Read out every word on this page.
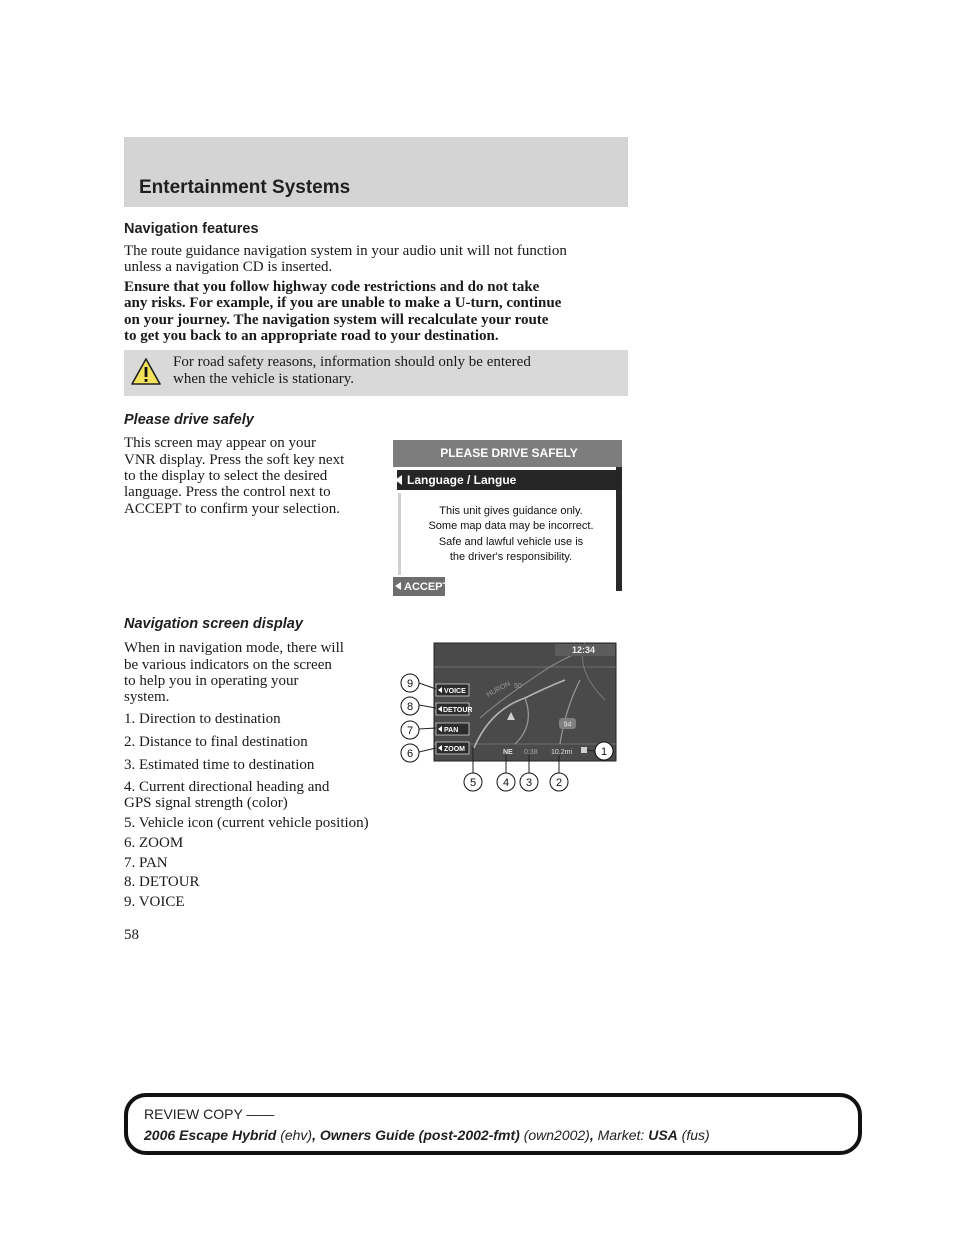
Entertainment Systems
Navigation features
The route guidance navigation system in your audio unit will not function
unless a navigation CD is inserted.
Ensure that you follow highway code restrictions and do not take
any risks. For example, if you are unable to make a U-turn, continue
on your journey. The navigation system will recalculate your route
to get you back to an appropriate road to your destination.
For road safety reasons, information should only be entered
when the vehicle is stationary.
Please drive safely
This screen may appear on your
VNR display. Press the soft key next
to the display to select the desired
language. Press the control next to
ACCEPT to confirm your selection.
PLEASE DRIVE SAFELY
Language / Langue
This unit gives guidance only.
Some map data may be incorrect.
Safe and lawful vehicle use is
the driver's responsibility.
ACCEPT
Navigation screen display
When in navigation mode, there will
be various indicators on the screen
to help you in operating your
system.
1. Direction to destination
2. Distance to final destination
3. Estimated time to destination
4. Current directional heading and
GPS signal strength (color)
5. Vehicle icon (current vehicle position)
6. ZOOM
7. PAN
8. DETOUR
9. VOICE
HURON 50
94
12:34
VOICE
DETOUR
PAN
ZOOM	NE 0:38 10.2mi
9
8
7
6	1
5 4 3 2
58
REVIEW COPY ——
2006 Escape Hybrid (ehv), Owners Guide (post-2002-fmt) (own2002), Market: USA (fus)
